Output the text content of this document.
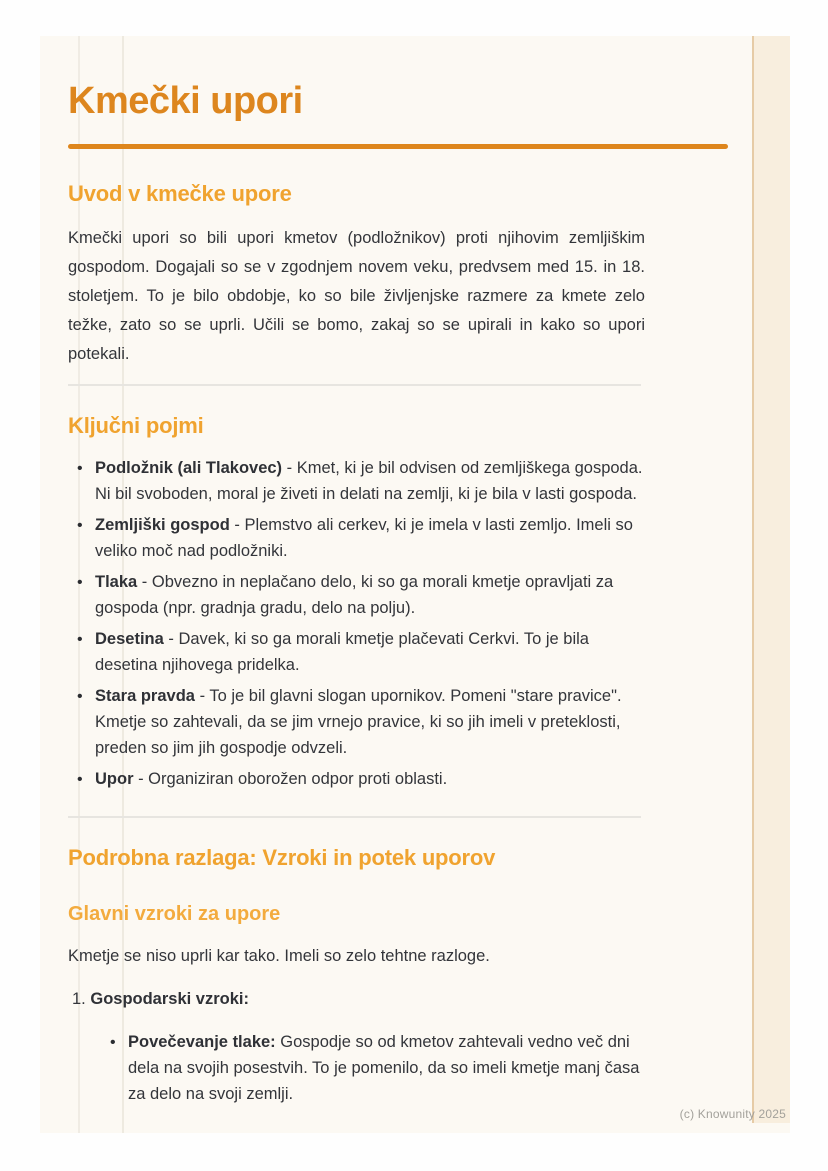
Kmečki upori
Uvod v kmečke upore

Kmečki upori so bili upori kmetov (podložnikov) proti njihovim zemljiškim gospodom. Dogajali so se v zgodnjem novem veku, predvsem med 15. in 18. stoletjem. To je bilo obdobje, ko so bile življenjske razmere za kmete zelo težke, zato so se uprli. Učili se bomo, zakaj so se upirali in kako so upori potekali.

Ključni pojmi
•
Podložnik (ali Tlakovec) - Kmet, ki je bil odvisen od zemljiškega gospoda. Ni bil svoboden, moral je živeti in delati na zemlji, ki je bila v lasti gospoda.
•
Zemljiški gospod - Plemstvo ali cerkev, ki je imela v lasti zemljo. Imeli so veliko moč nad podložniki.
•
Tlaka - Obvezno in neplačano delo, ki so ga morali kmetje opravljati za gospoda (npr. gradnja gradu, delo na polju).
•
Desetina - Davek, ki so ga morali kmetje plačevati Cerkvi. To je bila desetina njihovega pridelka.
•
Stara pravda - To je bil glavni slogan upornikov. Pomeni "stare pravice". Kmetje so zahtevali, da se jim vrnejo pravice, ki so jih imeli v preteklosti, preden so jim jih gospodje odvzeli.
•
Upor - Organiziran oborožen odpor proti oblasti.
Podrobna razlaga: Vzroki in potek uporov
Glavni vzroki za upore

Kmetje se niso uprli kar tako. Imeli so zelo tehtne razloge.

1. Gospodarski vzroki:
•
Povečevanje tlake: Gospodje so od kmetov zahtevali vedno več dni dela na svojih posestvih. To je pomenilo, da so imeli kmetje manj časa za delo na svoji zemlji.
(c) Knowunity 2025
